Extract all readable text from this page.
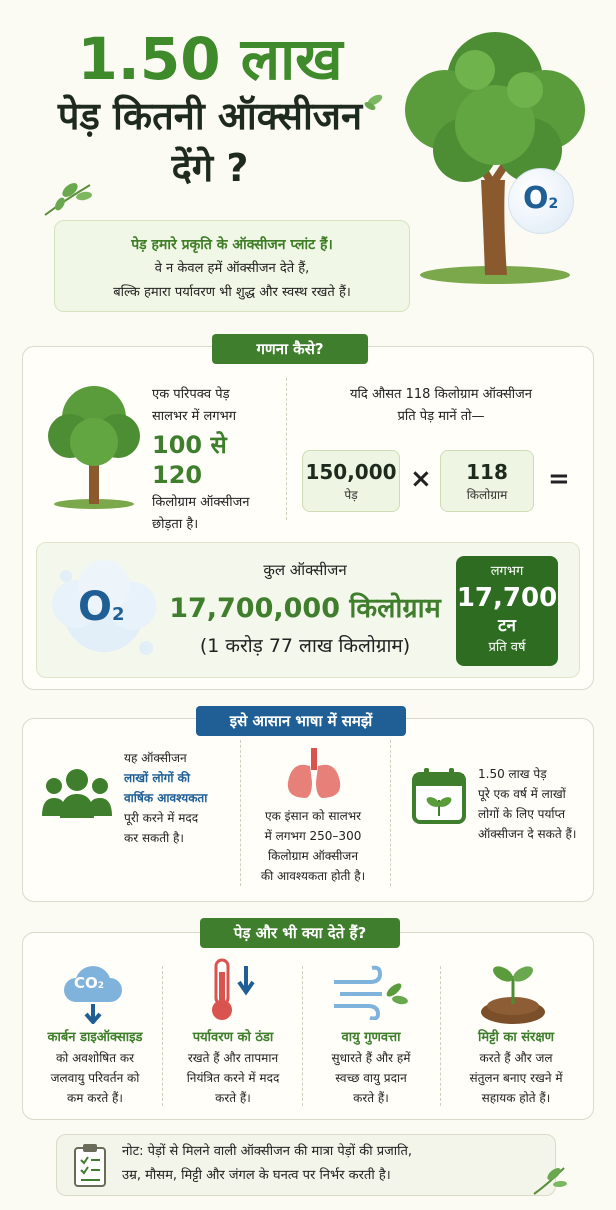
1.50 लाख
पेड़ कितनी ऑक्सीजन
देंगे ?
O2
पेड़ हमारे प्रकृति के ऑक्सीजन प्लांट हैं।
वे न केवल हमें ऑक्सीजन देते हैं,
बल्कि हमारा पर्यावरण भी शुद्ध और स्वस्थ रखते हैं।
गणना कैसे?
एक परिपक्व पेड़
सालभर में लगभग
100 से 120
किलोग्राम ऑक्सीजन
छोड़ता है।
यदि औसत 118 किलोग्राम ऑक्सीजन
प्रति पेड़ मानें तो—
150,000
पेड़
×	118
किलोग्राम
=
O2
कुल ऑक्सीजन
17,700,000 किलोग्राम
(1 करोड़ 77 लाख किलोग्राम)
लगभग
17,700
टन
प्रति वर्ष
इसे आसान भाषा में समझें
यह ऑक्सीजन
लाखों लोगों की
वार्षिक आवश्यकता
पूरी करने में मदद
कर सकती है।
एक इंसान को सालभर
में लगभग 250–300
किलोग्राम ऑक्सीजन
की आवश्यकता होती है।
1.50 लाख पेड़
पूरे एक वर्ष में लाखों
लोगों के लिए पर्याप्त
ऑक्सीजन दे सकते हैं।
पेड़ और भी क्या देते हैं?
CO2
कार्बन डाइऑक्साइड
को अवशोषित कर
जलवायु परिवर्तन को
कम करते हैं।
पर्यावरण को ठंडा
रखते हैं और तापमान
नियंत्रित करने में मदद
करते हैं।
वायु गुणवत्ता
सुधारते हैं और हमें
स्वच्छ वायु प्रदान
करते हैं।
मिट्टी का संरक्षण
करते हैं और जल
संतुलन बनाए रखने में
सहायक होते हैं।
नोट: पेड़ों से मिलने वाली ऑक्सीजन की मात्रा पेड़ों की प्रजाति,
उम्र, मौसम, मिट्टी और जंगल के घनत्व पर निर्भर करती है।
